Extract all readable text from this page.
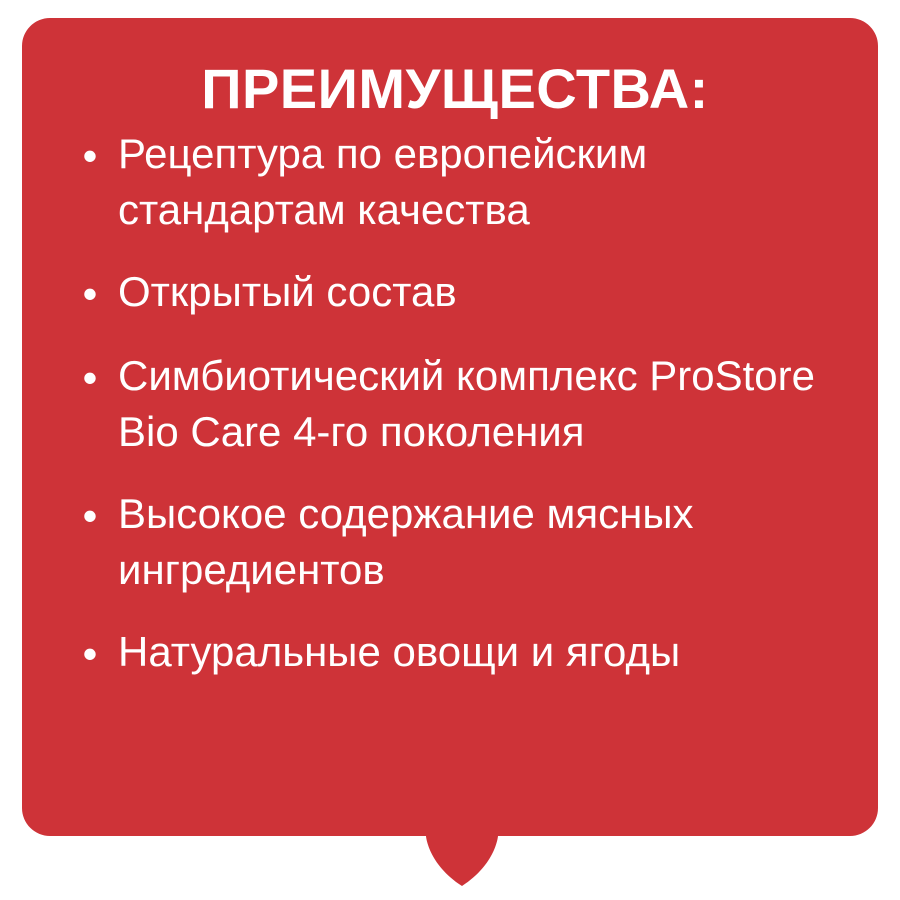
ПРЕИМУЩЕСТВА:
• Рецептура по европейским стандартам качества
• Открытый состав
• Симбиотический комплекс ProStore Bio Care 4-го поколения
• Высокое содержание мясных ингредиентов
• Натуральные овощи и ягоды
